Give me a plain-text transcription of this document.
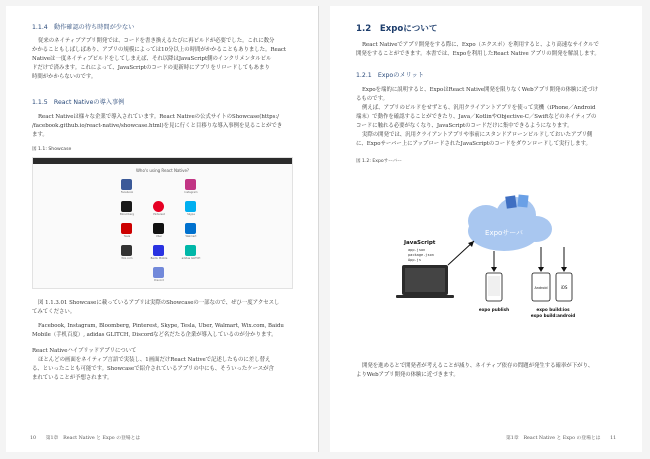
1.1.4　動作確認の待ち時間が少ない
従来のネイティブアプリ開発では、コードを書き換えるたびに再ビルドが必要でした。これに数分
かかることもしばしばあり、アプリの規模によっては10分以上の時間がかかることもありました。React
Nativeは一度ネイティブビルドをしてしまえば、それ以降はJavaScript側のインクリメンタルビル
ドだけで済みます。これによって、JavaScriptのコードの更新時にアプリをリロードしてもあまり
時間がかからないのです。
1.1.5　React Nativeの導入事例
React Nativeは様々な企業で導入されています。React Nativeの公式サイトのShowcase(https:/
/facebook.github.io/react-native/showcase.html)を見に行くと目移りな導入事例を見ることができ
ます。
図 1.1: Showcase
Who's using React Native?
Facebook	Instagram
Bloomberg	Pinterest	Skype
Tesla	Uber	Walmart
Wix.com	Baidu Mobile	adidas GLITCH
Discord
図 1.1.3.01 Showcaseに載っているアプリは実際のShowcaseの一部なので、ぜひ一度アクセスし
てみてください。
Facebook, Instagram, Bloomberg, Pinterest, Skype, Tesla, Uber, Walmart, Wix.com, Baidu
Mobile（手机百度）, adidas GLITCH, Discordなど名だたる企業が導入しているのが分かります。
React Nativeハイブリッドアプリについて
ほとんどの画面をネイティブ言語で実装し、1画面だけReact Nativeで記述したものに差し替え
る、といったことも可能です。Showcaseで紹介されているアプリの中にも、そういったケースが含
まれていることが予想されます。
10　　第1章　React Native と Expo の登場とは
1.2　Expoについて
React Nativeでアプリ開発をする際に、Expo（エクスポ）を利用すると、より高速なサイクルで
開発をすることができます。本書では、Expoを利用したReact Native アプリの開発を解説します。
1.2.1　Expoのメリット
Expoを端的に説明すると、ExpoはReact Native開発を限りなくWebアプリ開発の体験に近づけ
るものです。
例えば、アプリのビルドをせずとも、汎用クライアントアプリを使って実機（iPhone／Android
端末）で動作を確認することができたり、Java／KotlinやObjective-C／Swiftなどのネイティブの
コードに触れる必要がなくなり、JavaScriptのコードだけに集中できるようになります。
実際の開発では、汎用クライアントアプリや事前にスタンドアローンビルドしておいたアプリ側
に、Expoサーバー上にアップロードされたJavaScriptのコードをダウンロードして実行します。
図 1.2: Expoサーバー
Expoサーバ
JavaScript
app.json
package.json
App.js
Android	iOS
expo publish	expo build:ios
expo build:android
開発を進めるとで開発者が考えることが減り、ネイティブ依存の問題が発生する確率が下がり、
よりWebアプリ開発の体験に近づきます。
第1章　React Native と Expo の登場とは　　11
